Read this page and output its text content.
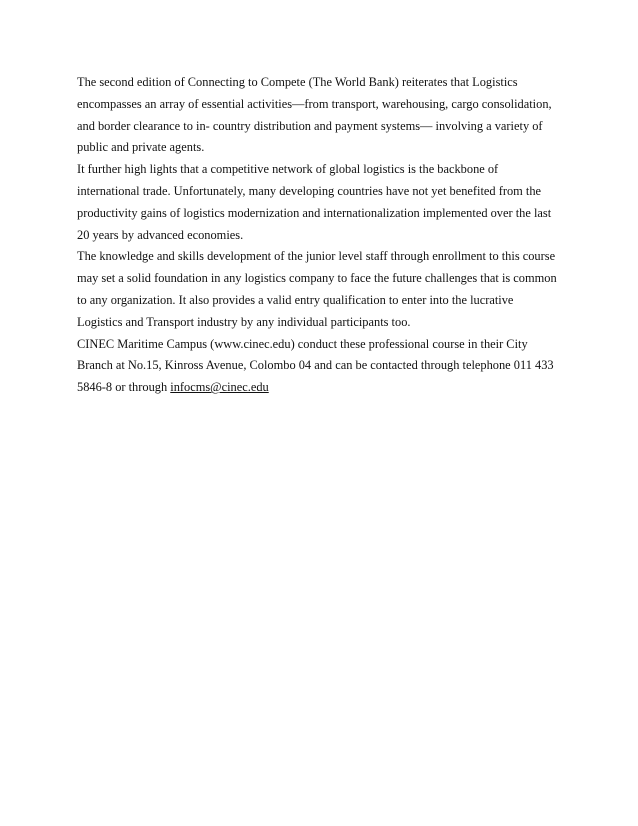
The second edition of Connecting to Compete (The World Bank) reiterates that Logistics
encompasses an array of essential activities—from transport, warehousing, cargo consolidation,
and border clearance to in- country distribution and payment systems— involving a variety of
public and private agents.
It further high lights that a competitive network of global logistics is the backbone of
international trade. Unfortunately, many developing countries have not yet benefited from the
productivity gains of logistics modernization and internationalization implemented over the last
20 years by advanced economies.
The knowledge and skills development of the junior level staff through enrollment to this course
may set a solid foundation in any logistics company to face the future challenges that is common
to any organization. It also provides a valid entry qualification to enter into the lucrative
Logistics and Transport industry by any individual participants too.
CINEC Maritime Campus (www.cinec.edu) conduct these professional course in their City
Branch at No.15, Kinross Avenue, Colombo 04 and can be contacted through telephone 011 433
5846-8 or through infocms@cinec.edu
